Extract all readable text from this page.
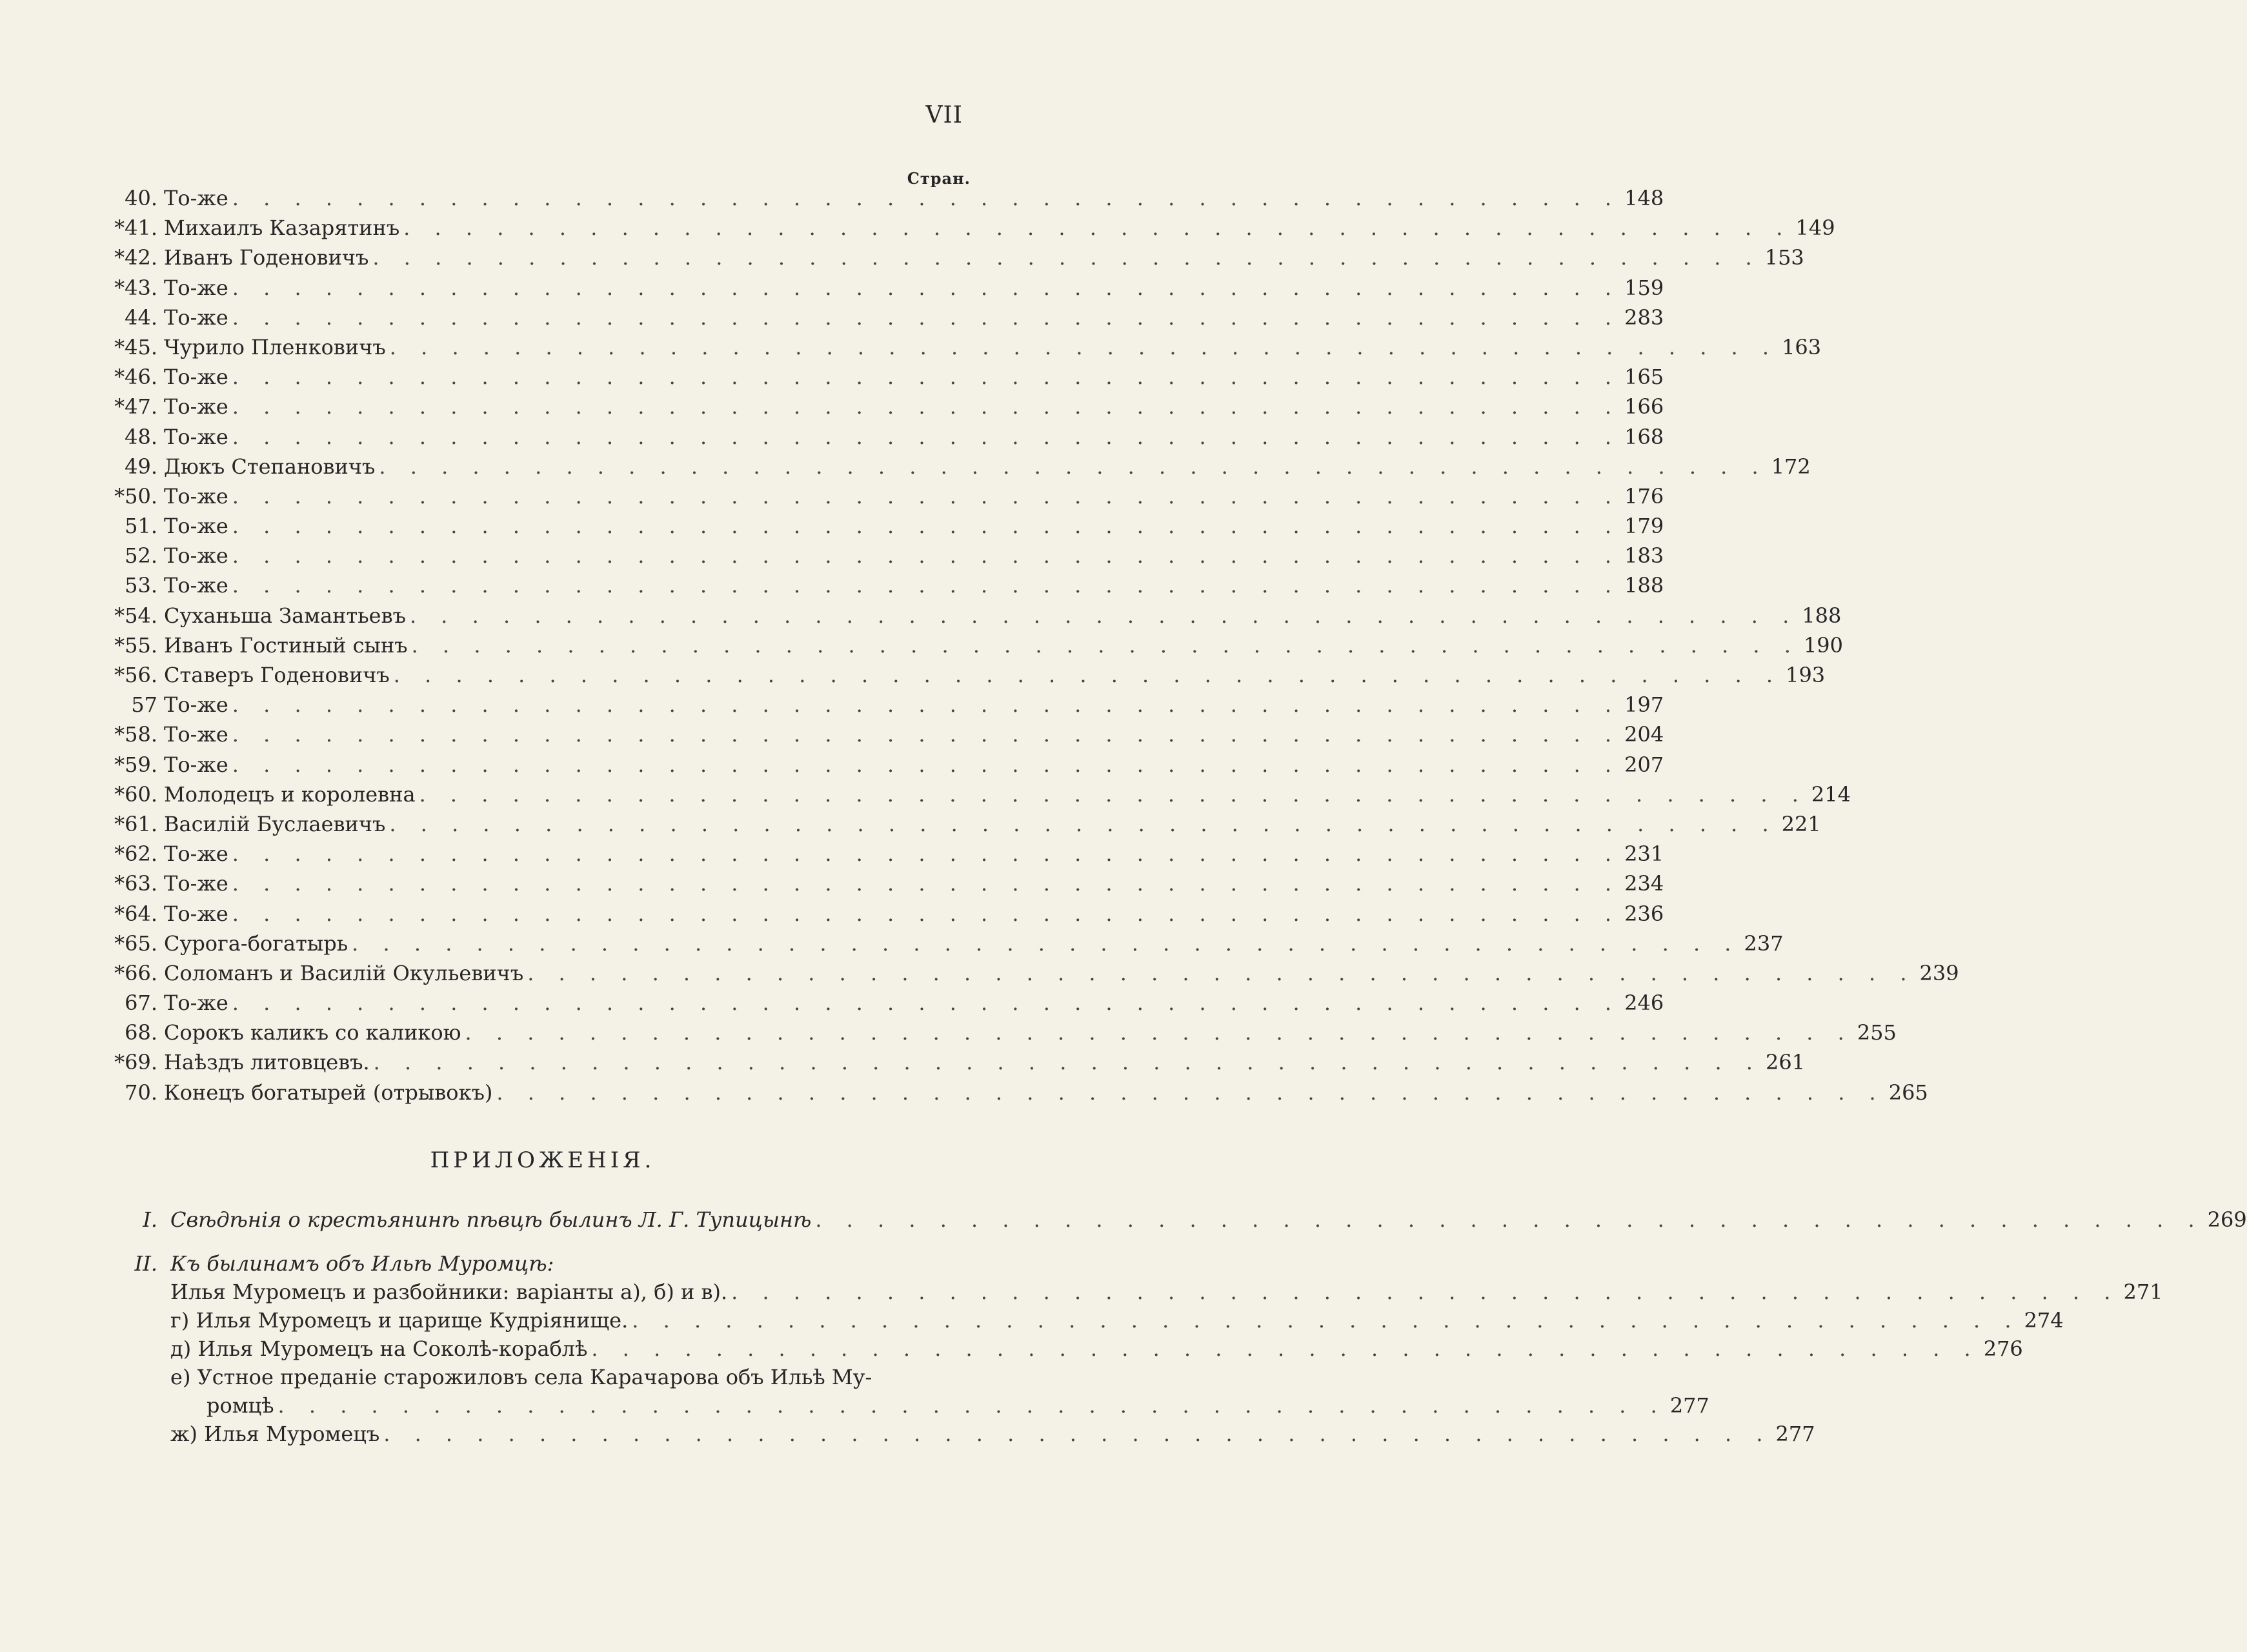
VII
Стран.
40. То-же . . . . . . . . . . . . . . . . . . . . . . . . . . . . . . . . . . . . . . . . . . . . . 148
*41. Михаилъ Казарятинъ . . . . . . . . . . . . . . . . . . . . . . . . . . . . . . . . . . . . . . . . . . . . . 149
*42. Иванъ Годеновичъ . . . . . . . . . . . . . . . . . . . . . . . . . . . . . . . . . . . . . . . . . . . . . 153
*43. То-же . . . . . . . . . . . . . . . . . . . . . . . . . . . . . . . . . . . . . . . . . . . . . 159
44. То-же . . . . . . . . . . . . . . . . . . . . . . . . . . . . . . . . . . . . . . . . . . . . . 283
*45. Чурило Пленковичъ . . . . . . . . . . . . . . . . . . . . . . . . . . . . . . . . . . . . . . . . . . . . . 163
*46. То-же . . . . . . . . . . . . . . . . . . . . . . . . . . . . . . . . . . . . . . . . . . . . . 165
*47. То-же . . . . . . . . . . . . . . . . . . . . . . . . . . . . . . . . . . . . . . . . . . . . . 166
48. То-же . . . . . . . . . . . . . . . . . . . . . . . . . . . . . . . . . . . . . . . . . . . . . 168
49. Дюкъ Степановичъ . . . . . . . . . . . . . . . . . . . . . . . . . . . . . . . . . . . . . . . . . . . . . 172
*50. То-же . . . . . . . . . . . . . . . . . . . . . . . . . . . . . . . . . . . . . . . . . . . . . 176
51. То-же . . . . . . . . . . . . . . . . . . . . . . . . . . . . . . . . . . . . . . . . . . . . . 179
52. То-же . . . . . . . . . . . . . . . . . . . . . . . . . . . . . . . . . . . . . . . . . . . . . 183
53. То-же . . . . . . . . . . . . . . . . . . . . . . . . . . . . . . . . . . . . . . . . . . . . . 188
*54. Суханьша Замантьевъ . . . . . . . . . . . . . . . . . . . . . . . . . . . . . . . . . . . . . . . . . . . . . 188
*55. Иванъ Гостиный сынъ . . . . . . . . . . . . . . . . . . . . . . . . . . . . . . . . . . . . . . . . . . . . . 190
*56. Ставеръ Годеновичъ . . . . . . . . . . . . . . . . . . . . . . . . . . . . . . . . . . . . . . . . . . . . . 193
57 То-же . . . . . . . . . . . . . . . . . . . . . . . . . . . . . . . . . . . . . . . . . . . . . 197
*58. То-же . . . . . . . . . . . . . . . . . . . . . . . . . . . . . . . . . . . . . . . . . . . . . 204
*59. То-же . . . . . . . . . . . . . . . . . . . . . . . . . . . . . . . . . . . . . . . . . . . . . 207
*60. Молодецъ и королевна . . . . . . . . . . . . . . . . . . . . . . . . . . . . . . . . . . . . . . . . . . . . . 214
*61. Василій Буслаевичъ . . . . . . . . . . . . . . . . . . . . . . . . . . . . . . . . . . . . . . . . . . . . . 221
*62. То-же . . . . . . . . . . . . . . . . . . . . . . . . . . . . . . . . . . . . . . . . . . . . . 231
*63. То-же . . . . . . . . . . . . . . . . . . . . . . . . . . . . . . . . . . . . . . . . . . . . . 234
*64. То-же . . . . . . . . . . . . . . . . . . . . . . . . . . . . . . . . . . . . . . . . . . . . . 236
*65. Сурога-богатырь . . . . . . . . . . . . . . . . . . . . . . . . . . . . . . . . . . . . . . . . . . . . . 237
*66. Соломанъ и Василій Окульевичъ . . . . . . . . . . . . . . . . . . . . . . . . . . . . . . . . . . . . . . . . . . . . . 239
67. То-же . . . . . . . . . . . . . . . . . . . . . . . . . . . . . . . . . . . . . . . . . . . . . 246
68. Сорокъ каликъ со каликою . . . . . . . . . . . . . . . . . . . . . . . . . . . . . . . . . . . . . . . . . . . . . 255
*69. Наѣздъ литовцевъ. . . . . . . . . . . . . . . . . . . . . . . . . . . . . . . . . . . . . . . . . . . . . . 261
70. Конецъ богатырей (отрывокъ) . . . . . . . . . . . . . . . . . . . . . . . . . . . . . . . . . . . . . . . . . . . . . 265
ПРИЛОЖЕНІЯ.
I. Свѣдѣнія о крестьянинѣ пѣвцѣ былинъ Л. Г. Тупицынѣ . . . . . . . . . . . . . . . . . . . . . . . . . . . . . . . . . . . . . . . . . . . . . 269
II. Къ былинамъ объ Ильѣ Муромцѣ:
Илья Муромецъ и разбойники: варіанты а), б) и в). . . . . . . . . . . . . . . . . . . . . . . . . . . . . . . . . . . . . . . . . . . . . . 271
г) Илья Муромецъ и царище Кудріянище. . . . . . . . . . . . . . . . . . . . . . . . . . . . . . . . . . . . . . . . . . . . . . 274
д) Илья Муромецъ на Соколѣ-кораблѣ . . . . . . . . . . . . . . . . . . . . . . . . . . . . . . . . . . . . . . . . . . . . . 276
е) Устное преданіе старожиловъ села Карачарова объ Ильѣ Му-
ромцѣ . . . . . . . . . . . . . . . . . . . . . . . . . . . . . . . . . . . . . . . . . . . . . 277
ж) Илья Муромецъ . . . . . . . . . . . . . . . . . . . . . . . . . . . . . . . . . . . . . . . . . . . . . 277
